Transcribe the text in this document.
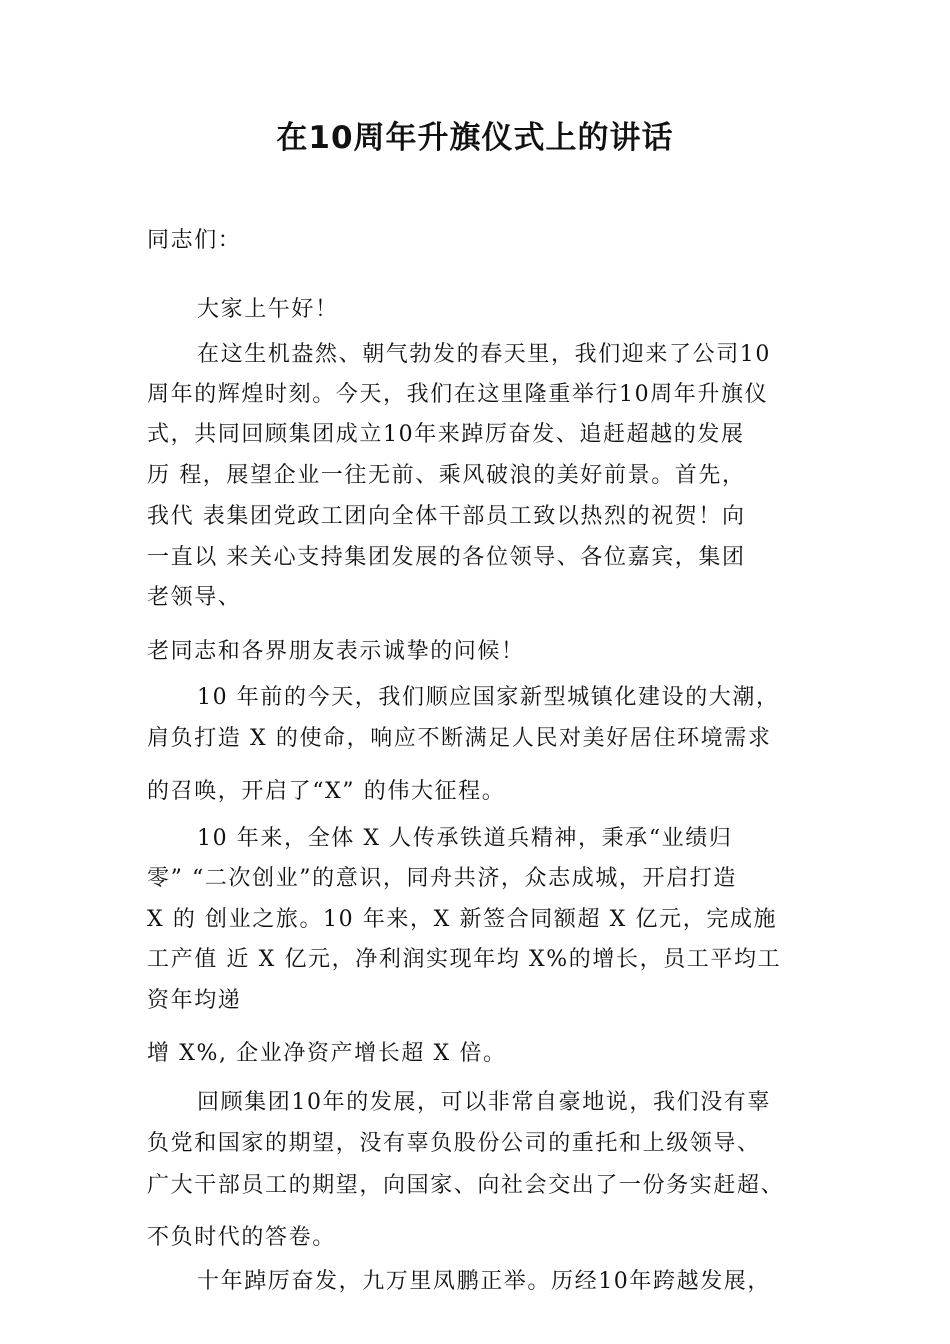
在10周年升旗仪式上的讲话
同志们：
大家上午好！
在这生机盎然、朝气勃发的春天里，我们迎来了公司10
周年的辉煌时刻。今天，我们在这里隆重举行10周年升旗仪
式，共同回顾集团成立10年来踔厉奋发、追赶超越的发展
历 程，展望企业一往无前、乘风破浪的美好前景。首先，
我代 表集团党政工团向全体干部员工致以热烈的祝贺！向
一直以 来关心支持集团发展的各位领导、各位嘉宾，集团
老领导、
老同志和各界朋友表示诚挚的问候！
10 年前的今天，我们顺应国家新型城镇化建设的大潮，
肩负打造 X 的使命，响应不断满足人民对美好居住环境需求
的召唤，开启了“X” 的伟大征程。
10 年来，全体 X 人传承铁道兵精神，秉承“业绩归
零” “二次创业”的意识，同舟共济，众志成城，开启打造
X 的 创业之旅。10 年来，X 新签合同额超 X 亿元，完成施
工产值 近 X 亿元，净利润实现年均 X%的增长，员工平均工
资年均递
增 X%, 企业净资产增长超 X 倍。
回顾集团10年的发展，可以非常自豪地说，我们没有辜
负党和国家的期望，没有辜负股份公司的重托和上级领导、
广大干部员工的期望，向国家、向社会交出了一份务实赶超、
不负时代的答卷。
十年踔厉奋发，九万里凤鹏正举。历经10年跨越发展，
